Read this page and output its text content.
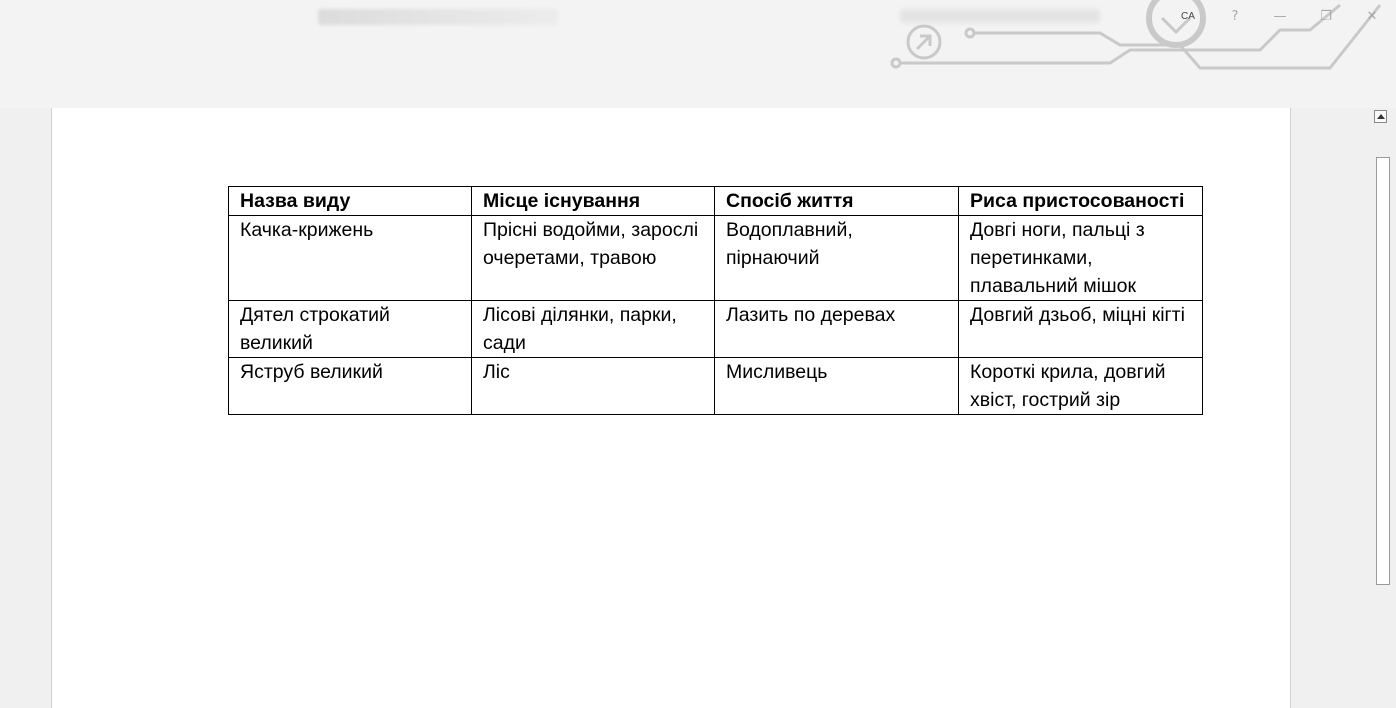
CA	?	—	❐	✕
Назва виду	Місце існування	Спосіб життя	Риса пристосованості
Качка-крижень	Прісні водойми, зарослі очеретами, травою	Водоплавний, пірнаючий	Довгі ноги, пальці з перетинками, плавальний мішок
Дятел строкатий великий	Лісові ділянки, парки, сади	Лазить по деревах	Довгий дзьоб, міцні кігті
Яструб великий	Ліс	Мисливець	Короткі крила, довгий хвіст, гострий зір
